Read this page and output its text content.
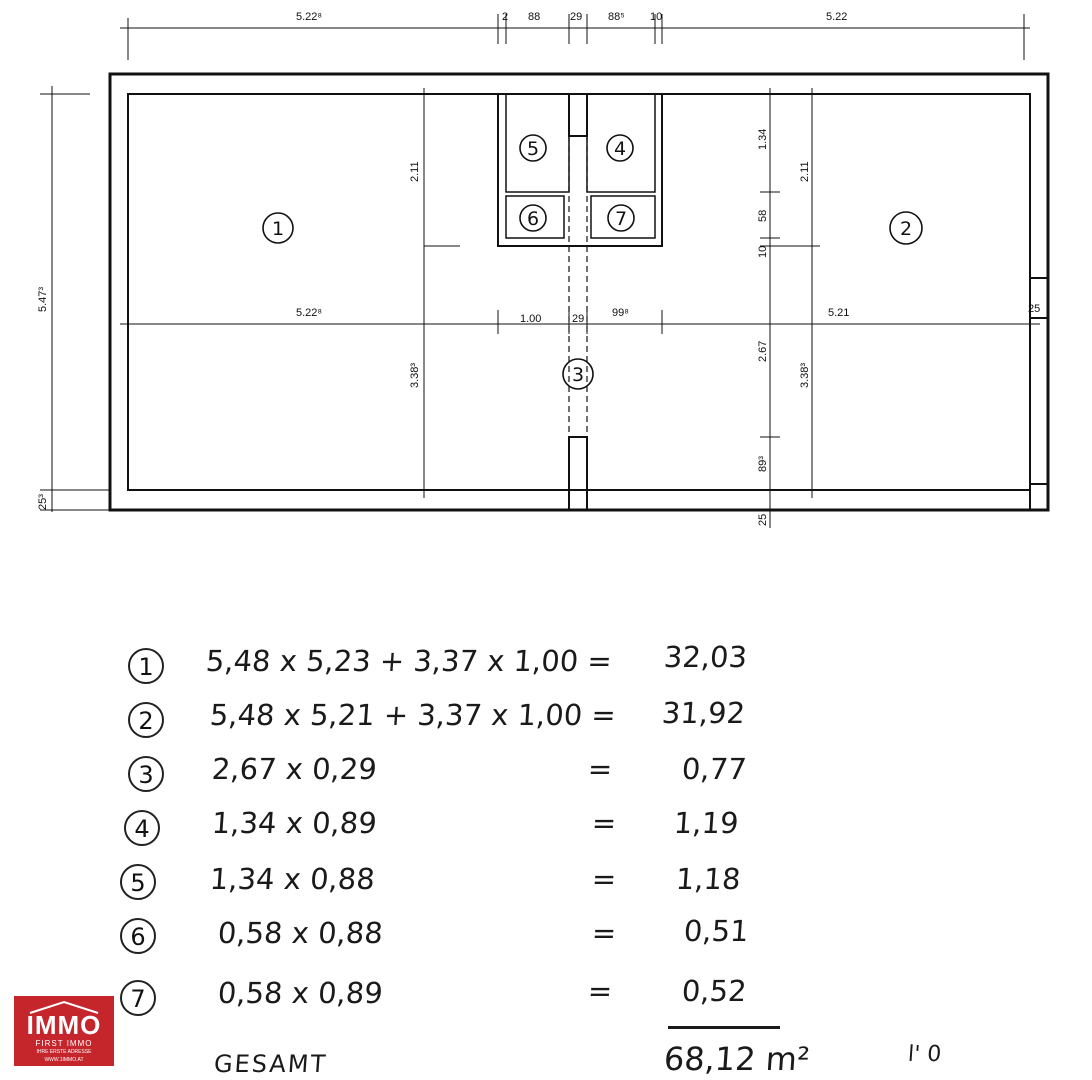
5.22⁸	2 88	29 88⁵ 10	5.22
5.22⁸	1.00	29	99⁸	5.21	25
5.47³
25³
2.11
3.38³
1.34
58
10
2.67
89³
25
2.11
3.38³
1	2
3
4
5
6	7
1	5,48 x 5,23 + 3,37 x 1,00 = 32,03
2	5,48 x 5,21 + 3,37 x 1,00 = 31,92
3	2,67 x 0,29	= 0,77
4	1,34 x 0,89	= 1,19
5	1,34 x 0,88	= 1,18
6	0,58 x 0,88	= 0,51
7	0,58 x 0,89	= 0,52
GESAMT	68,12 m²	l' 0
IMMO
FIRST IMMO
IHRE ERSTE ADRESSE
WWW.1IMMO.AT
